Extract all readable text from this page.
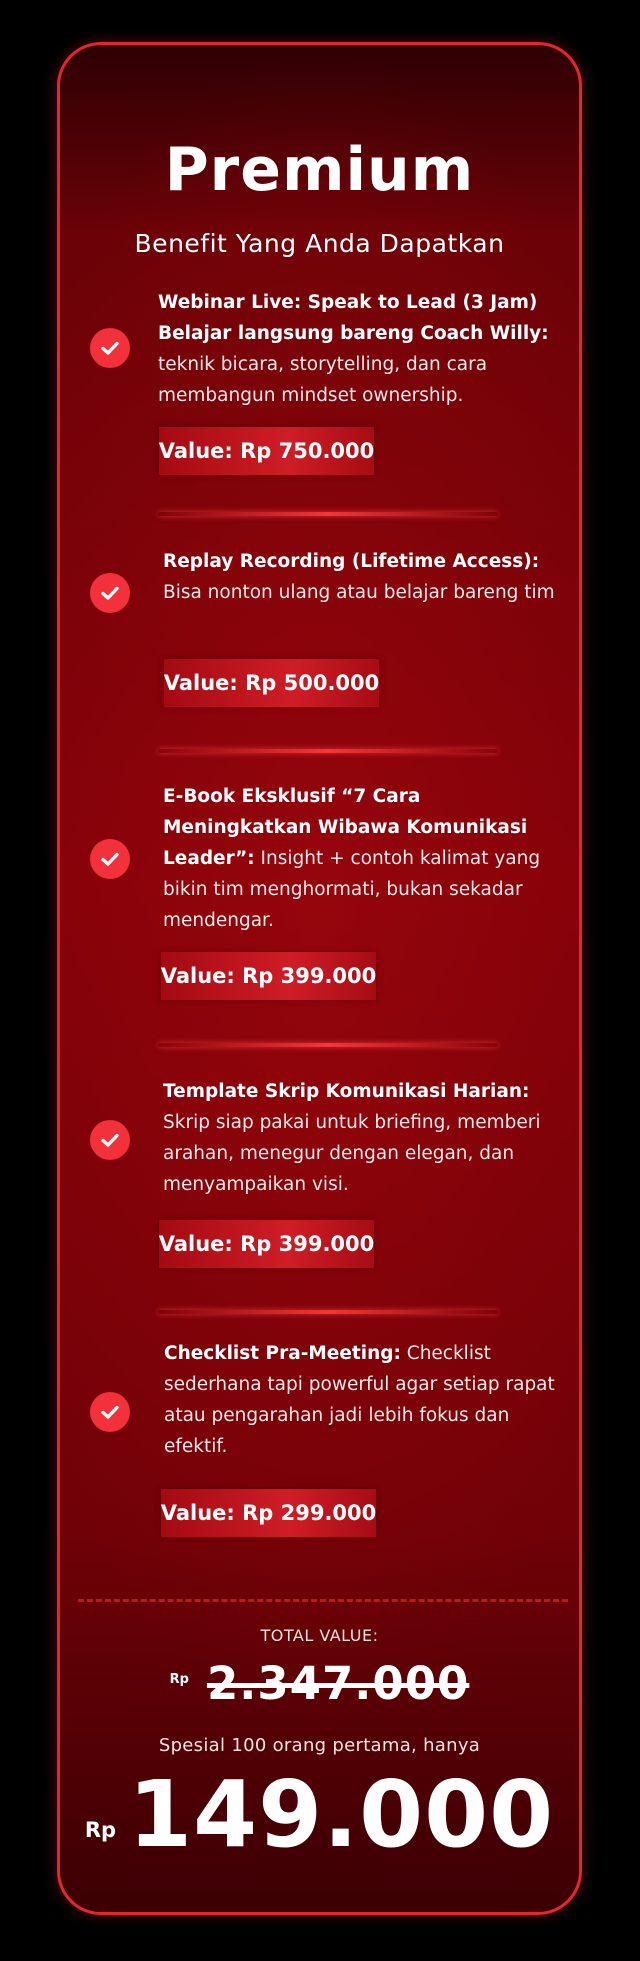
Premium
Benefit Yang Anda Dapatkan

Webinar Live: Speak to Lead (3 Jam) Belajar langsung bareng Coach Willy: teknik bicara, storytelling, dan cara membangun mindset ownership.

Value: Rp 750.000

Replay Recording (Lifetime Access): Bisa nonton ulang atau belajar bareng tim

Value: Rp 500.000

E-Book Eksklusif “7 Cara Meningkatkan Wibawa Komunikasi Leader”: Insight + contoh kalimat yang bikin tim menghormati, bukan sekadar mendengar.

Value: Rp 399.000

Template Skrip Komunikasi Harian: Skrip siap pakai untuk briefing, memberi arahan, menegur dengan elegan, dan menyampaikan visi.

Value: Rp 399.000

Checklist Pra-Meeting: Checklist sederhana tapi powerful agar setiap rapat atau pengarahan jadi lebih fokus dan efektif.

Value: Rp 299.000
TOTAL VALUE:
Rp 2.347.000
Spesial 100 orang pertama, hanya
Rp 149.000
